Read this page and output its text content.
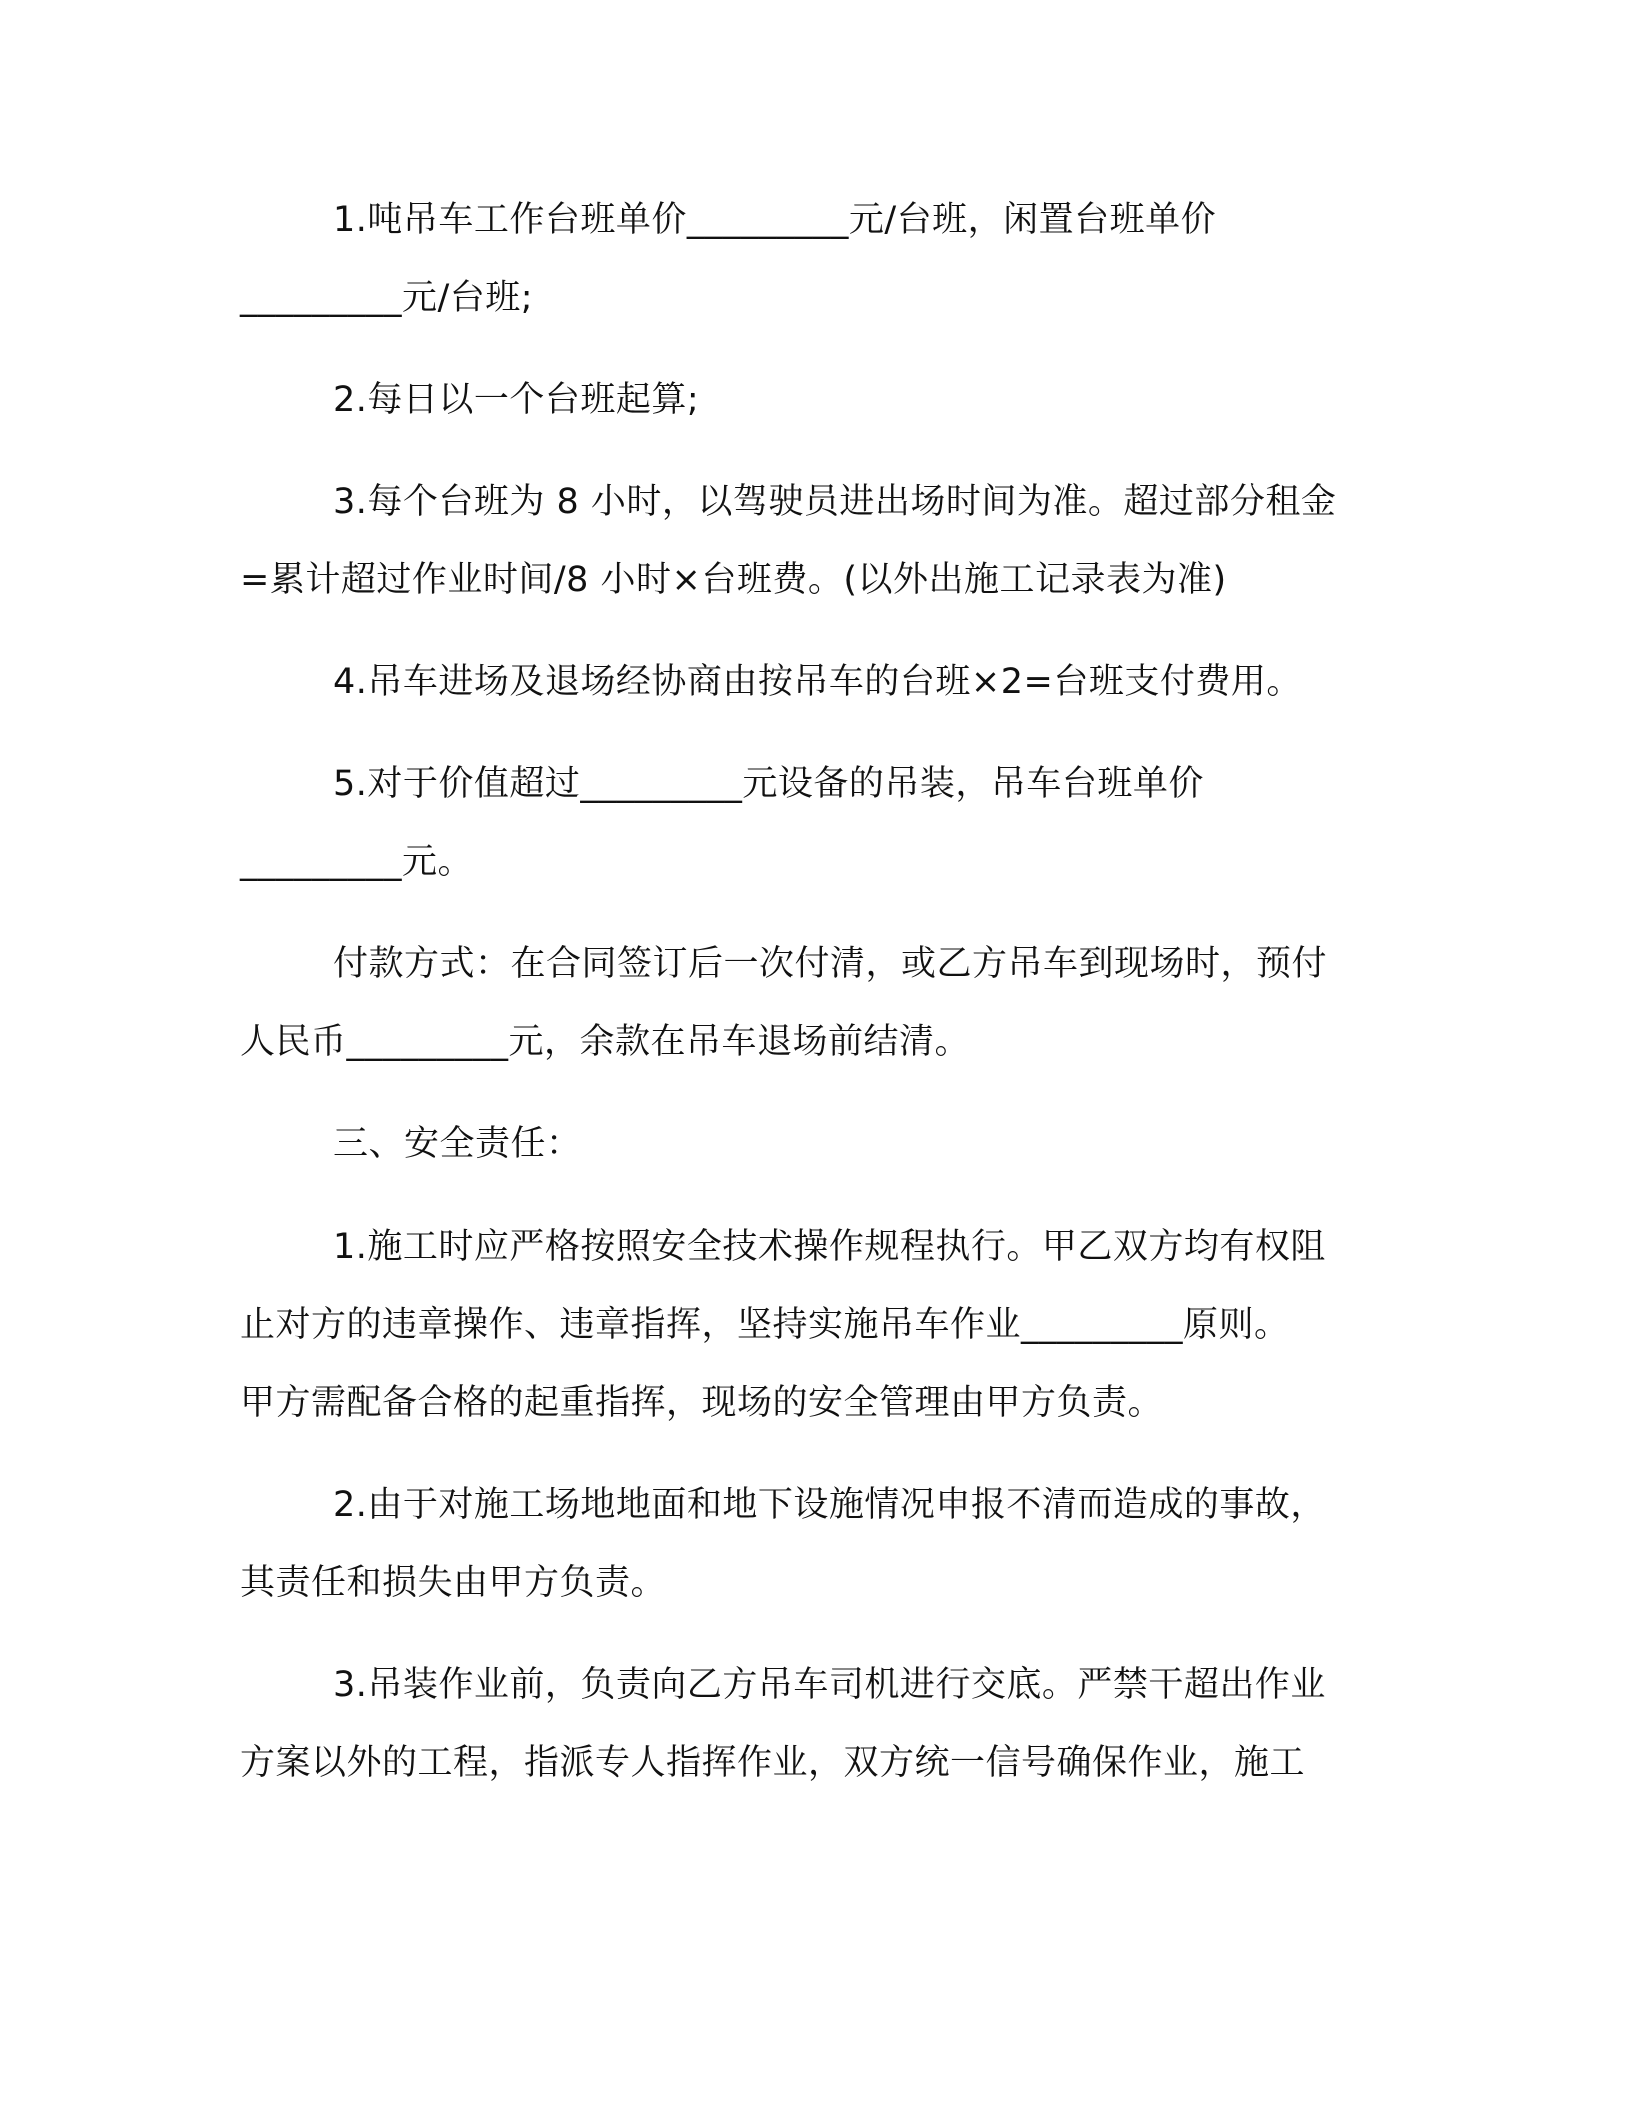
1.吨吊车工作台班单价_________元/台班，闲置台班单价
_________元/台班;
2.每日以一个台班起算;
3.每个台班为 8 小时，以驾驶员进出场时间为准。超过部分租金
=累计超过作业时间/8 小时×台班费。(以外出施工记录表为准)
4.吊车进场及退场经协商由按吊车的台班×2=台班支付费用。
5.对于价值超过_________元设备的吊装，吊车台班单价
_________元。
付款方式：在合同签订后一次付清，或乙方吊车到现场时，预付
人民币_________元，余款在吊车退场前结清。
三、安全责任：
1.施工时应严格按照安全技术操作规程执行。甲乙双方均有权阻
止对方的违章操作、违章指挥，坚持实施吊车作业_________原则。
甲方需配备合格的起重指挥，现场的安全管理由甲方负责。
2.由于对施工场地地面和地下设施情况申报不清而造成的事故，
其责任和损失由甲方负责。
3.吊装作业前，负责向乙方吊车司机进行交底。严禁干超出作业
方案以外的工程，指派专人指挥作业，双方统一信号确保作业，施工
